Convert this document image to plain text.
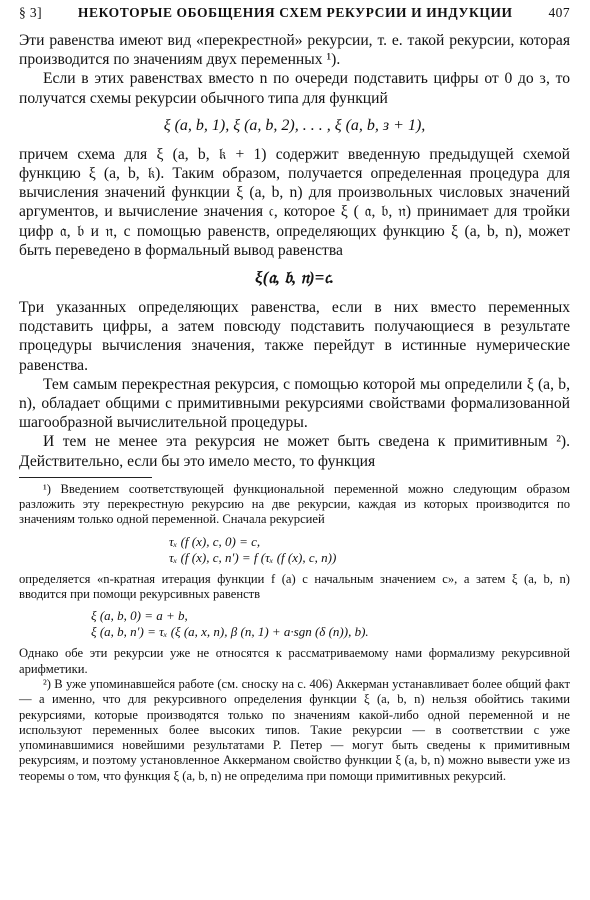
§ 3]	НЕКОТОРЫЕ ОБОБЩЕНИЯ СХЕМ РЕКУРСИИ И ИНДУКЦИИ	407

Эти равенства имеют вид «перекрестной» рекурсии, т. е. такой рекурсии, которая производится по значениям двух переменных ¹).

Если в этих равенствах вместо n по очереди подставить цифры от 0 до ɜ, то получатся схемы рекурсии обычного типа для функций

ξ (a, b, 1), ξ (a, b, 2), . . . , ξ (a, b, ɜ + 1),

причем схема для ξ (a, b, 𝔨 + 1) содержит введенную предыдущей схемой функцию ξ (a, b, 𝔨). Таким образом, получается определенная процедура для вычисления значений функции ξ (a, b, n) для произвольных числовых значений аргументов, и вычисление значения 𝔠, которое ξ ( 𝔞, 𝔟, 𝔫) принимает для тройки цифр 𝔞, 𝔟 и 𝔫, с помощью равенств, определяющих функцию ξ (a, b, n), может быть переведено в формальный вывод равенства

ξ(𝔞, 𝔟, 𝔫)=𝔠.

Три указанных определяющих равенства, если в них вместо переменных подставить цифры, а затем повсюду подставить получающиеся в результате процедуры вычисления значения, также перейдут в истинные нумерические равенства.

Тем самым перекрестная рекурсия, с помощью которой мы определили ξ (a, b, n), обладает общими с примитивными рекурсиями свойствами формализованной шагообразной вычислительной процедуры.

И тем не менее эта рекурсия не может быть сведена к примитивным ²). Действительно, если бы это имело место, то функция

¹) Введением соответствующей функциональной переменной можно следующим образом разложить эту перекрестную рекурсию на две рекурсии, каждая из которых производится по значениям только одной переменной. Сначала рекурсией

τₓ (f (x), c, 0) = c,
τₓ (f (x), c, n′) = f (τₓ (f (x), c, n))

определяется «n-кратная итерация функции f (a) с начальным значением c», а затем ξ (a, b, n) вводится при помощи рекурсивных равенств

ξ (a, b, 0) = a + b,
ξ (a, b, n′) = τₓ (ξ (a, x, n), β (n, 1) + a·sgn (δ (n)), b).

Однако обе эти рекурсии уже не относятся к рассматриваемому нами формализму рекурсивной арифметики.

²) В уже упоминавшейся работе (см. сноску на с. 406) Аккерман устанавливает более общий факт — а именно, что для рекурсивного определения функции ξ (a, b, n) нельзя обойтись такими рекурсиями, которые производятся только по значениям какой-либо одной переменной и не используют переменных более высоких типов. Такие рекурсии — в соответствии с уже упоминавшимися новейшими результатами Р. Петер — могут быть сведены к примитивным рекурсиям, и поэтому установленное Аккерманом свойство функции ξ (a, b, n) можно вывести уже из теоремы о том, что функция ξ (a, b, n) не определима при помощи примитивных рекурсий.
